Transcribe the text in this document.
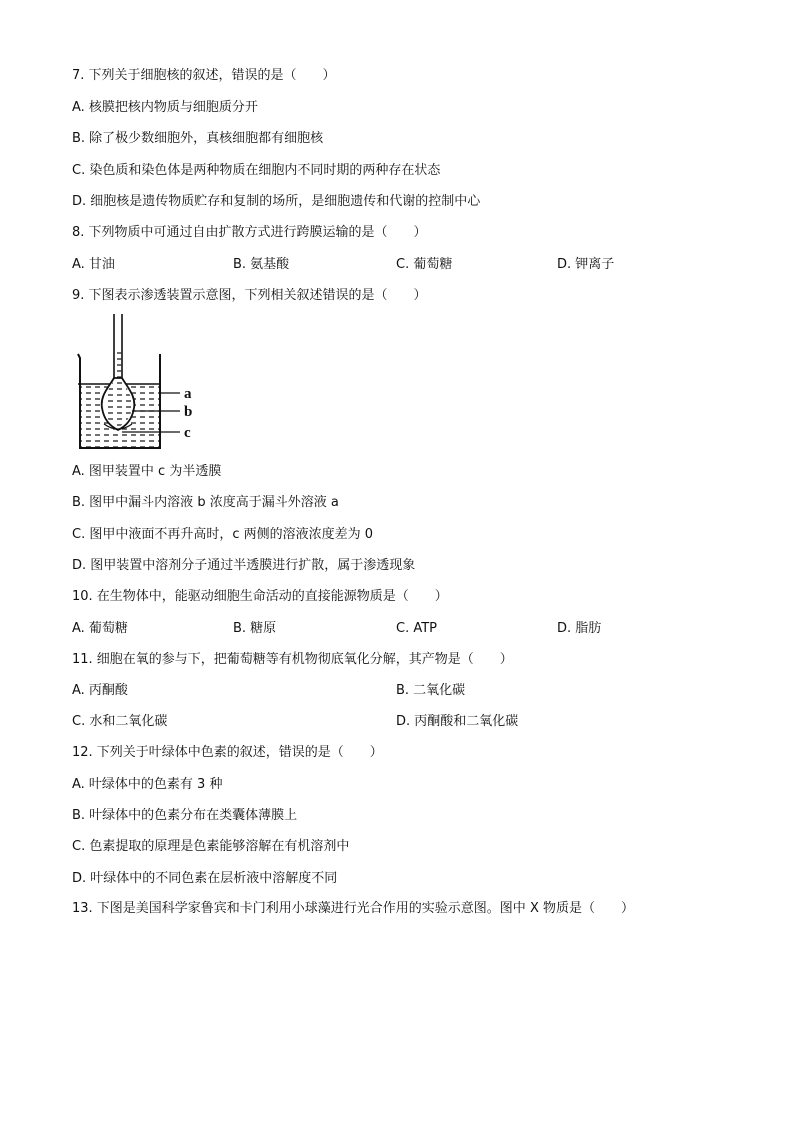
7. 下列关于细胞核的叙述，错误的是（　　）
A. 核膜把核内物质与细胞质分开
B. 除了极少数细胞外，真核细胞都有细胞核
C. 染色质和染色体是两种物质在细胞内不同时期的两种存在状态
D. 细胞核是遗传物质贮存和复制的场所，是细胞遗传和代谢的控制中心
8. 下列物质中可通过自由扩散方式进行跨膜运输的是（　　）
A. 甘油	B. 氨基酸	C. 葡萄糖	D. 钾离子
9. 下图表示渗透装置示意图，下列相关叙述错误的是（　　）
a
b
c
A. 图甲装置中 c 为半透膜
B. 图甲中漏斗内溶液 b 浓度高于漏斗外溶液 a
C. 图甲中液面不再升高时，c 两侧的溶液浓度差为 0
D. 图甲装置中溶剂分子通过半透膜进行扩散，属于渗透现象
10. 在生物体中，能驱动细胞生命活动的直接能源物质是（　　）
A. 葡萄糖	B. 糖原	C. ATP	D. 脂肪
11. 细胞在氧的参与下，把葡萄糖等有机物彻底氧化分解，其产物是（　　）
A. 丙酮酸	B. 二氧化碳
C. 水和二氧化碳	D. 丙酮酸和二氧化碳
12. 下列关于叶绿体中色素的叙述，错误的是（　　）
A. 叶绿体中的色素有 3 种
B. 叶绿体中的色素分布在类囊体薄膜上
C. 色素提取的原理是色素能够溶解在有机溶剂中
D. 叶绿体中的不同色素在层析液中溶解度不同
13. 下图是美国科学家鲁宾和卡门利用小球藻进行光合作用的实验示意图。图中 X 物质是（　　）
